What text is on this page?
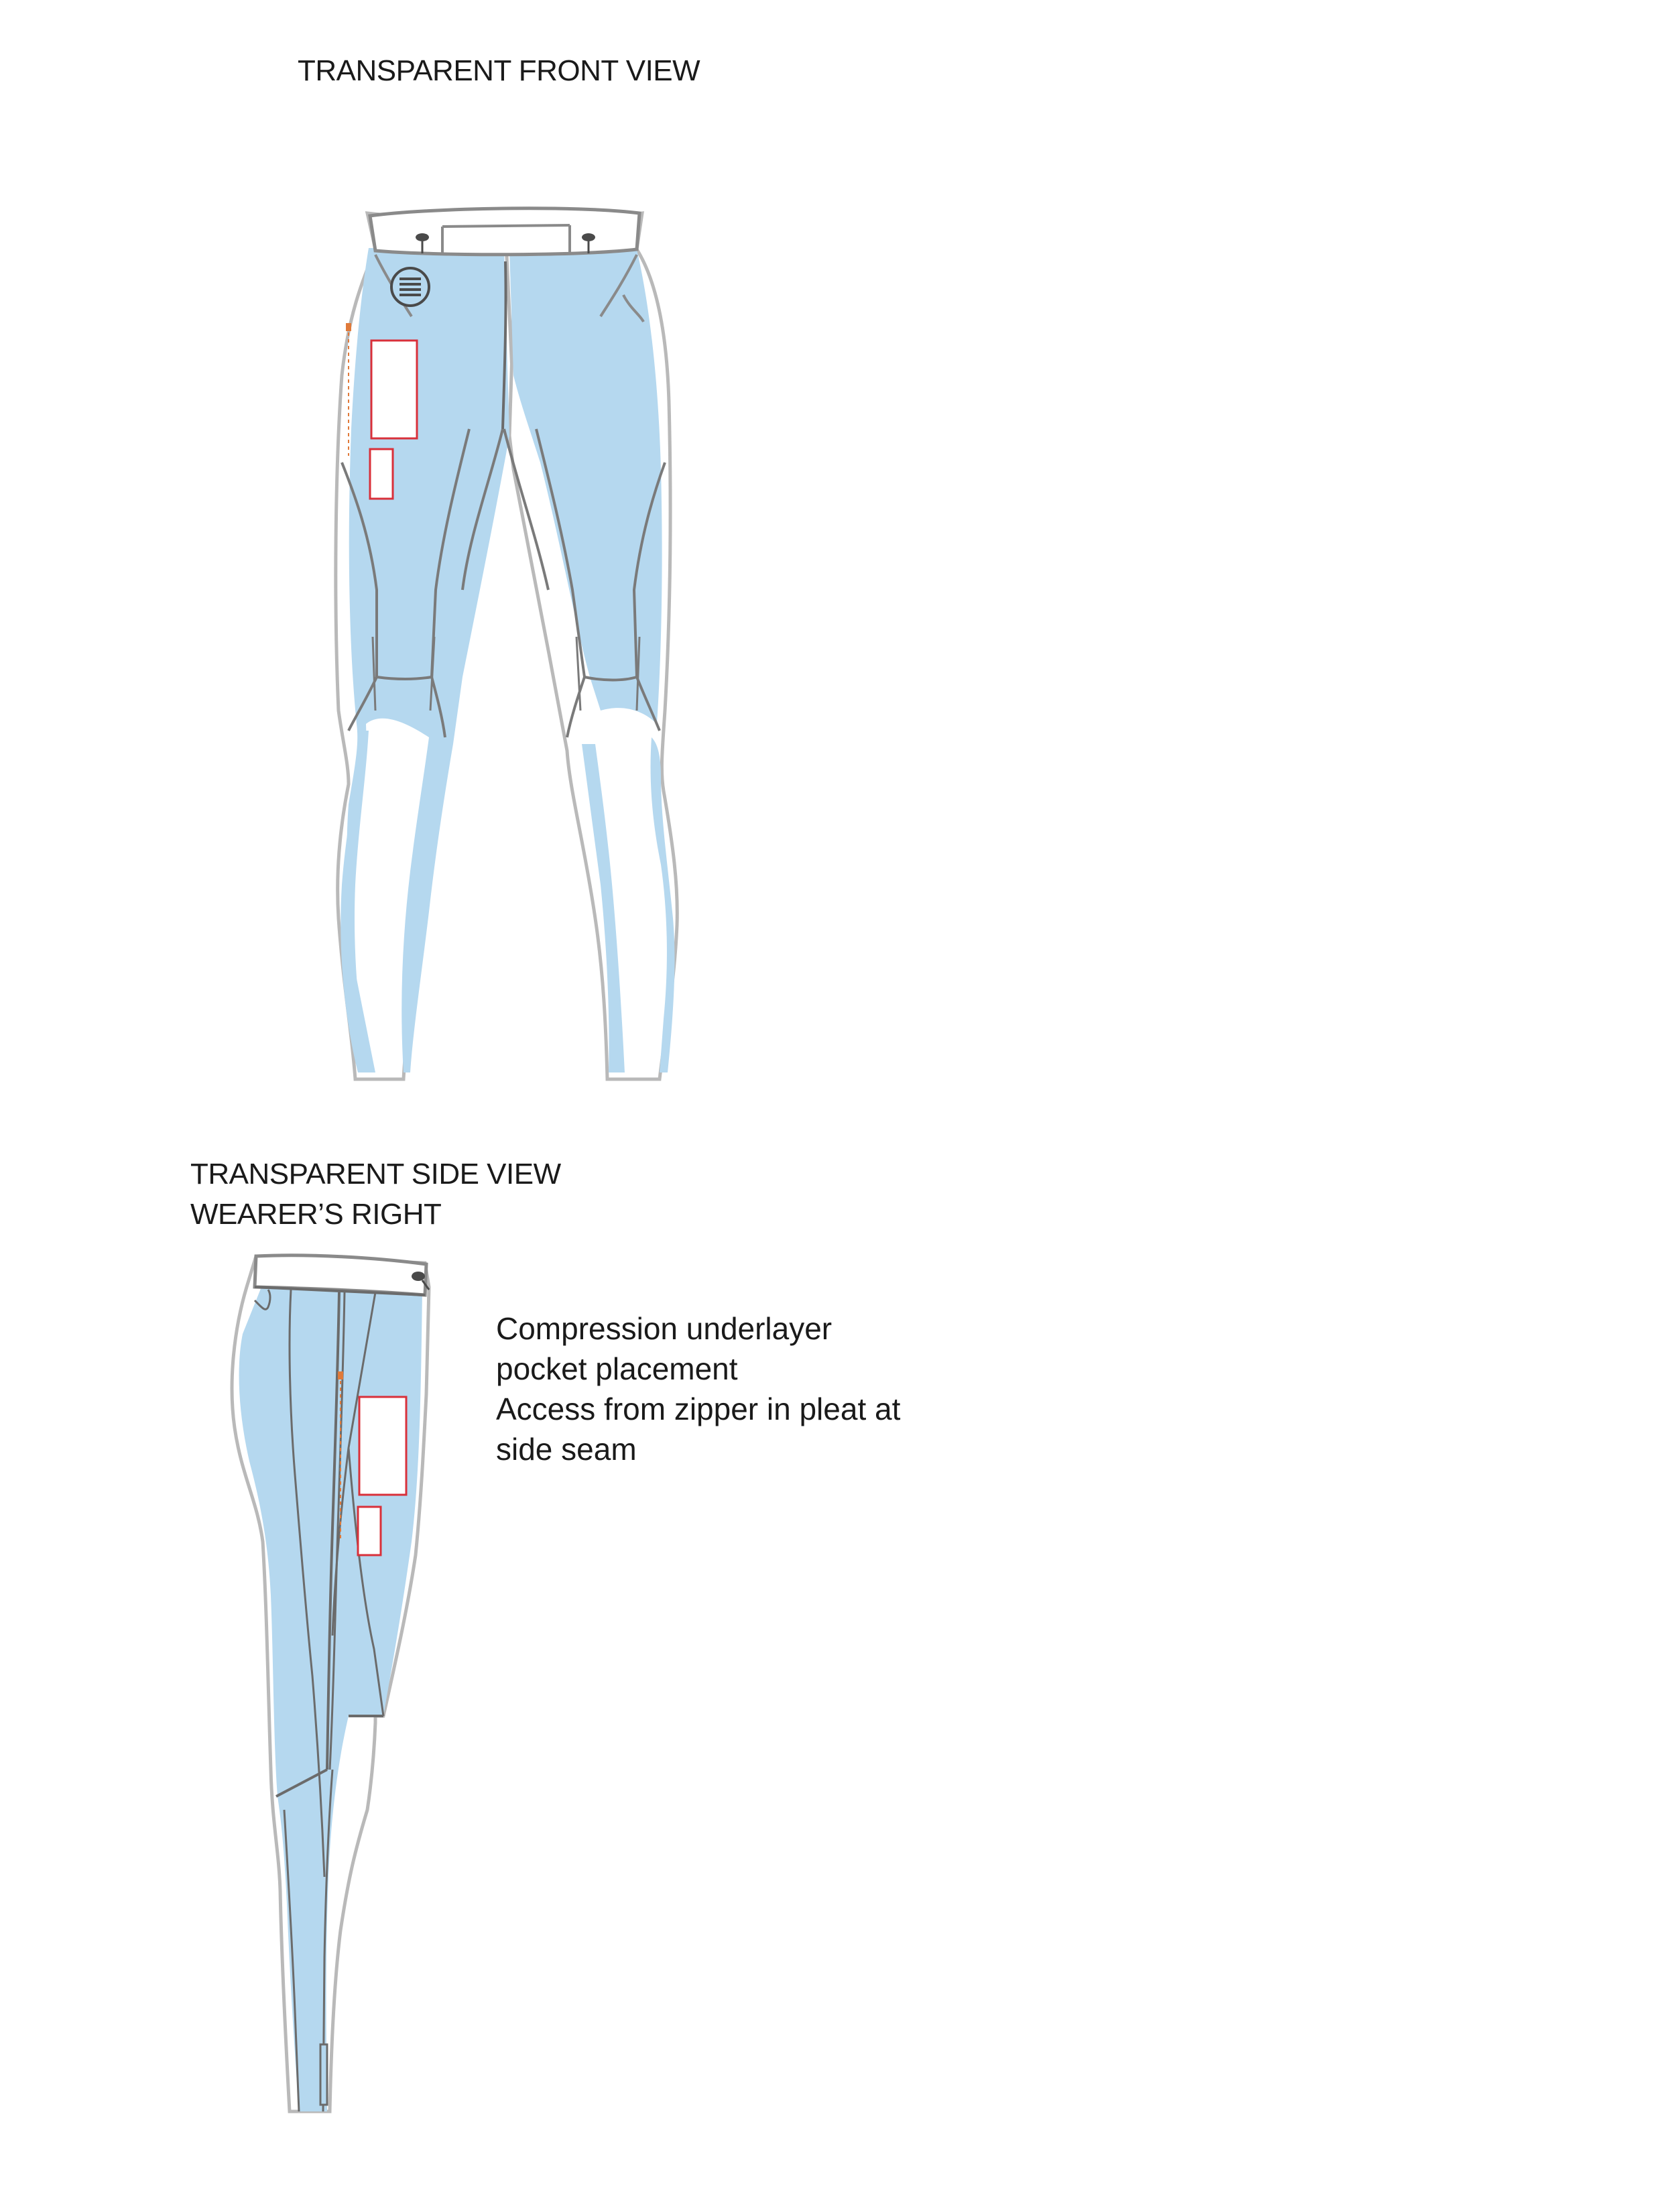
TRANSPARENT FRONT VIEW
TRANSPARENT SIDE VIEW
WEARER’S RIGHT
Compression underlayer
pocket placement
Access from zipper in pleat at
side seam
